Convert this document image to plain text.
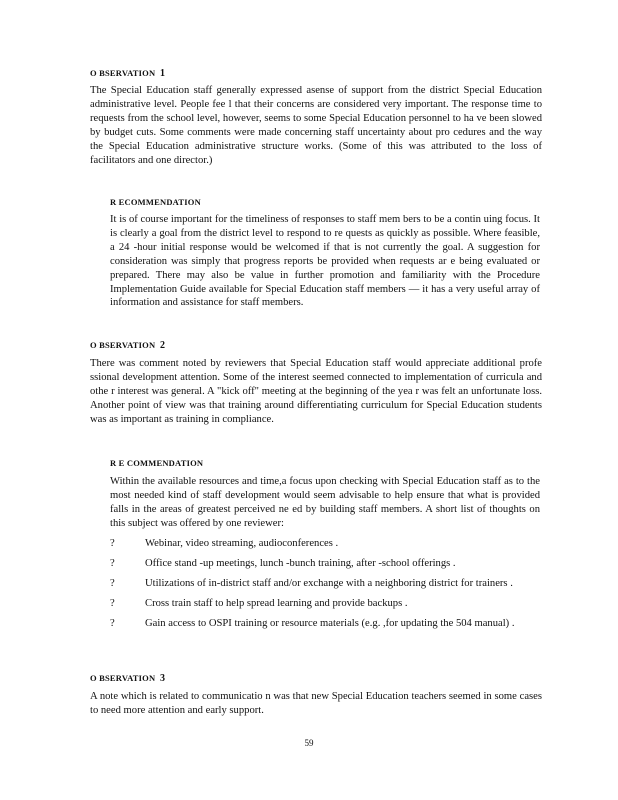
O BSERVATION 1

The Special Education staff generally expressed asense of support from the district Special Education administrative level. People fee l that their concerns are considered very important. The response time to requests from the school level, however, seems to some Special Education personnel to ha ve been slowed by budget cuts. Some comments were made concerning staff uncertainty about pro cedures and the way the Special Education administrative structure works. (Some of this was attributed to the loss of facilitators and one director.)

R ECOMMENDATION

It is of course important for the timeliness of responses to staff mem bers to be a contin uing focus. It is clearly a goal from the district level to respond to re quests as quickly as possible. Where feasible, a 24 -hour initial response would be welcomed if that is not currently the goal. A suggestion for consideration was simply that progress reports be provided when requests ar e being evaluated or prepared. There may also be value in further promotion and familiarity with the Procedure Implementation Guide available for Special Education staff members — it has a very useful array of information and assistance for staff members.

O BSERVATION 2

There was comment noted by reviewers that Special Education staff would appreciate additional profe ssional development attention. Some of the interest seemed connected to implementation of curricula and othe r interest was general. A "kick off" meeting at the beginning of the yea r was felt an unfortunate loss. Another point of view was that training around differentiating curriculum for Special Education students was as important as training in compliance.

R E COMMENDATION

Within the available resources and time,a focus upon checking with Special Education staff as to the most needed kind of staff development would seem advisable to help ensure that what is provided falls in the areas of greatest perceived ne ed by building staff members. A short list of thoughts on this subject was offered by one reviewer:

?	Webinar, video streaming, audioconferences .
?	Office stand -up meetings, lunch -bunch training, after -school offerings .
?	Utilizations of in-district staff and/or exchange with a neighboring district for trainers .
?	Cross train staff to help spread learning and provide backups .
?	Gain access to OSPI training or resource materials (e.g. ,for updating the 504 manual) .
O BSERVATION 3

A note which is related to communicatio n was that new Special Education teachers seemed in some cases to need more attention and early support.

59
